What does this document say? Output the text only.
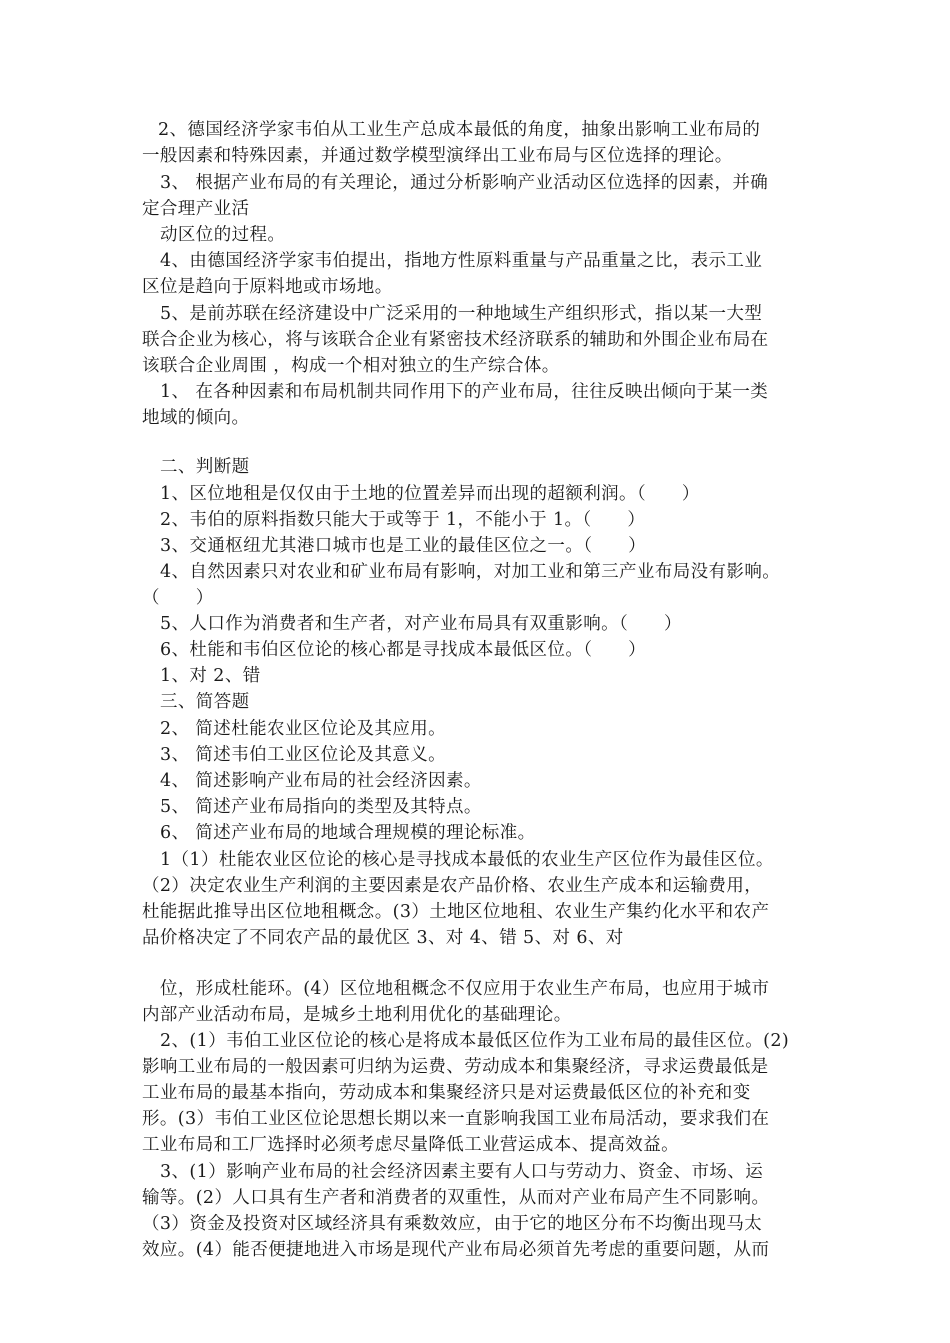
2、德国经济学家韦伯从工业生产总成本最低的角度，抽象出影响工业布局的
一般因素和特殊因素，并通过数学模型演绎出工业布局与区位选择的理论。
3、 根据产业布局的有关理论，通过分析影响产业活动区位选择的因素，并确
定合理产业活
动区位的过程。
4、由德国经济学家韦伯提出，指地方性原料重量与产品重量之比，表示工业
区位是趋向于原料地或市场地。
5、是前苏联在经济建设中广泛采用的一种地域生产组织形式，指以某一大型
联合企业为核心，将与该联合企业有紧密技术经济联系的辅助和外围企业布局在
该联合企业周围 ，构成一个相对独立的生产综合体。
1、 在各种因素和布局机制共同作用下的产业布局，往往反映出倾向于某一类
地域的倾向。
二、判断题
1、区位地租是仅仅由于土地的位置差异而出现的超额利润。（　　）
2、韦伯的原料指数只能大于或等于 1，不能小于 1。（　　）
3、交通枢纽尤其港口城市也是工业的最佳区位之一。（　　）
4、自然因素只对农业和矿业布局有影响，对加工业和第三产业布局没有影响。
（　　）
5、人口作为消费者和生产者，对产业布局具有双重影响。（　　）
6、杜能和韦伯区位论的核心都是寻找成本最低区位。（　　）
1、对 2、错
三、简答题
2、 简述杜能农业区位论及其应用。
3、 简述韦伯工业区位论及其意义。
4、 简述影响产业布局的社会经济因素。
5、 简述产业布局指向的类型及其特点。
6、 简述产业布局的地域合理规模的理论标准。
1（1）杜能农业区位论的核心是寻找成本最低的农业生产区位作为最佳区位。
（2）决定农业生产利润的主要因素是农产品价格、农业生产成本和运输费用，
杜能据此推导出区位地租概念。(3）土地区位地租、农业生产集约化水平和农产
品价格决定了不同农产品的最优区 3、对 4、错 5、对 6、对
位，形成杜能环。(4）区位地租概念不仅应用于农业生产布局，也应用于城市
内部产业活动布局，是城乡土地利用优化的基础理论。
2、(1）韦伯工业区位论的核心是将成本最低区位作为工业布局的最佳区位。(2)
影响工业布局的一般因素可归纳为运费、劳动成本和集聚经济，寻求运费最低是
工业布局的最基本指向，劳动成本和集聚经济只是对运费最低区位的补充和变
形。(3）韦伯工业区位论思想长期以来一直影响我国工业布局活动，要求我们在
工业布局和工厂选择时必须考虑尽量降低工业营运成本、提高效益。
3、(1）影响产业布局的社会经济因素主要有人口与劳动力、资金、市场、运
输等。(2）人口具有生产者和消费者的双重性，从而对产业布局产生不同影响。
（3）资金及投资对区域经济具有乘数效应，由于它的地区分布不均衡出现马太
效应。(4）能否便捷地进入市场是现代产业布局必须首先考虑的重要问题，从而
